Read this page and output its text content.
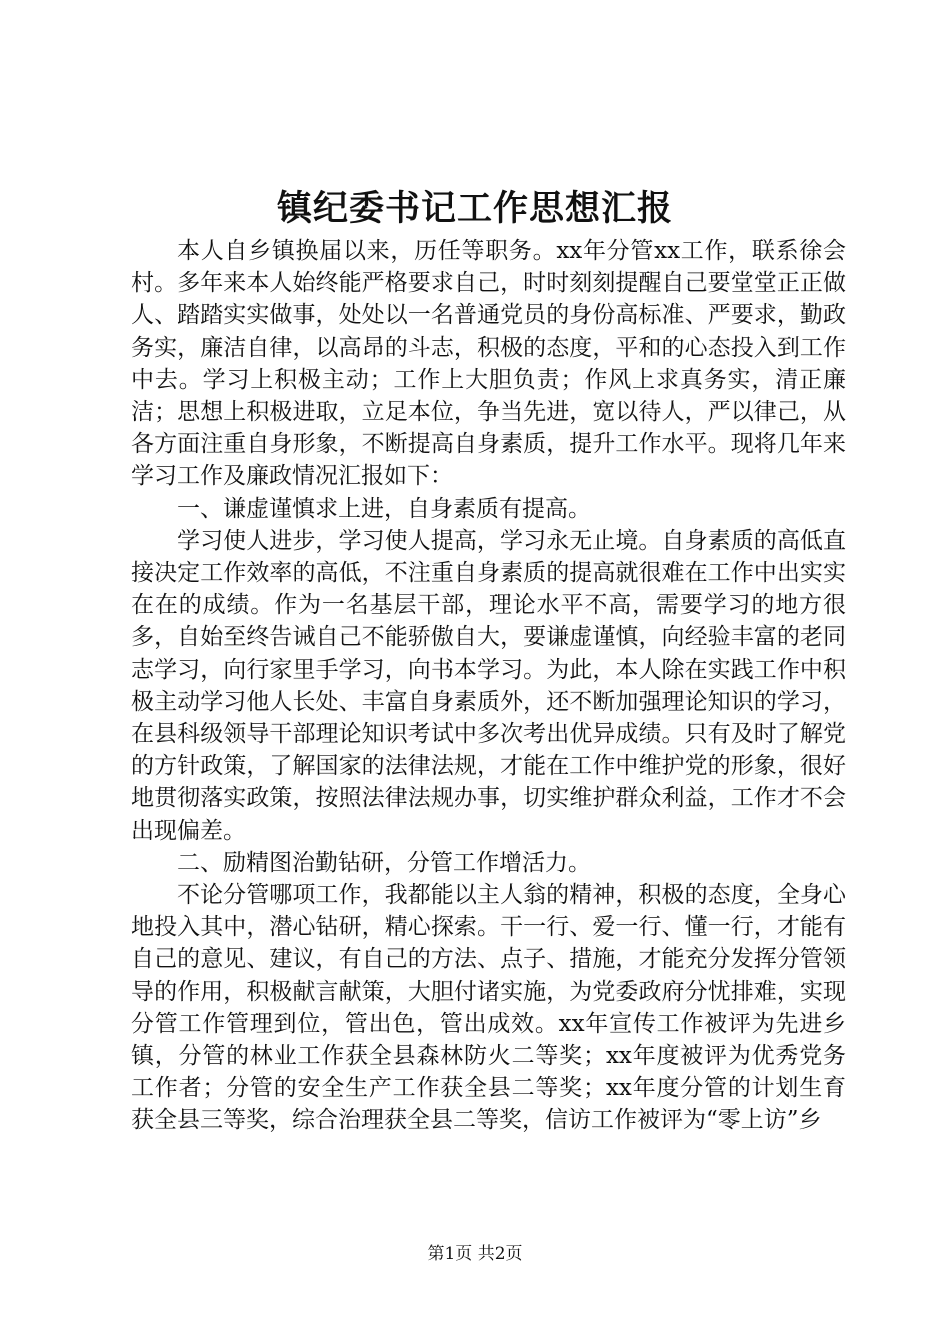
镇纪委书记工作思想汇报

本人自乡镇换届以来，历任等职务。xx年分管xx工作，联系徐会村。多年来本人始终能严格要求自己，时时刻刻提醒自己要堂堂正正做人、踏踏实实做事，处处以一名普通党员的身份高标准、严要求，勤政务实，廉洁自律，以高昂的斗志，积极的态度，平和的心态投入到工作中去。学习上积极主动；工作上大胆负责；作风上求真务实，清正廉洁；思想上积极进取，立足本位，争当先进，宽以待人，严以律己，从各方面注重自身形象，不断提高自身素质，提升工作水平。现将几年来学习工作及廉政情况汇报如下：

一、谦虚谨慎求上进，自身素质有提高。

学习使人进步，学习使人提高，学习永无止境。自身素质的高低直接决定工作效率的高低，不注重自身素质的提高就很难在工作中出实实在在的成绩。作为一名基层干部，理论水平不高，需要学习的地方很多，自始至终告诫自己不能骄傲自大，要谦虚谨慎，向经验丰富的老同志学习，向行家里手学习，向书本学习。为此，本人除在实践工作中积极主动学习他人长处、丰富自身素质外，还不断加强理论知识的学习，在县科级领导干部理论知识考试中多次考出优异成绩。只有及时了解党的方针政策，了解国家的法律法规，才能在工作中维护党的形象，很好地贯彻落实政策，按照法律法规办事，切实维护群众利益，工作才不会出现偏差。

二、励精图治勤钻研，分管工作增活力。

不论分管哪项工作，我都能以主人翁的精神，积极的态度，全身心地投入其中，潜心钻研，精心探索。干一行、爱一行、懂一行，才能有自己的意见、建议，有自己的方法、点子、措施，才能充分发挥分管领导的作用，积极献言献策，大胆付诸实施，为党委政府分忧排难，实现分管工作管理到位，管出色，管出成效。xx年宣传工作被评为先进乡镇，分管的林业工作获全县森林防火二等奖；xx年度被评为优秀党务工作者；分管的安全生产工作获全县二等奖；xx年度分管的计划生育获全县三等奖，综合治理获全县二等奖，信访工作被评为“零上访”乡

第1页 共2页
